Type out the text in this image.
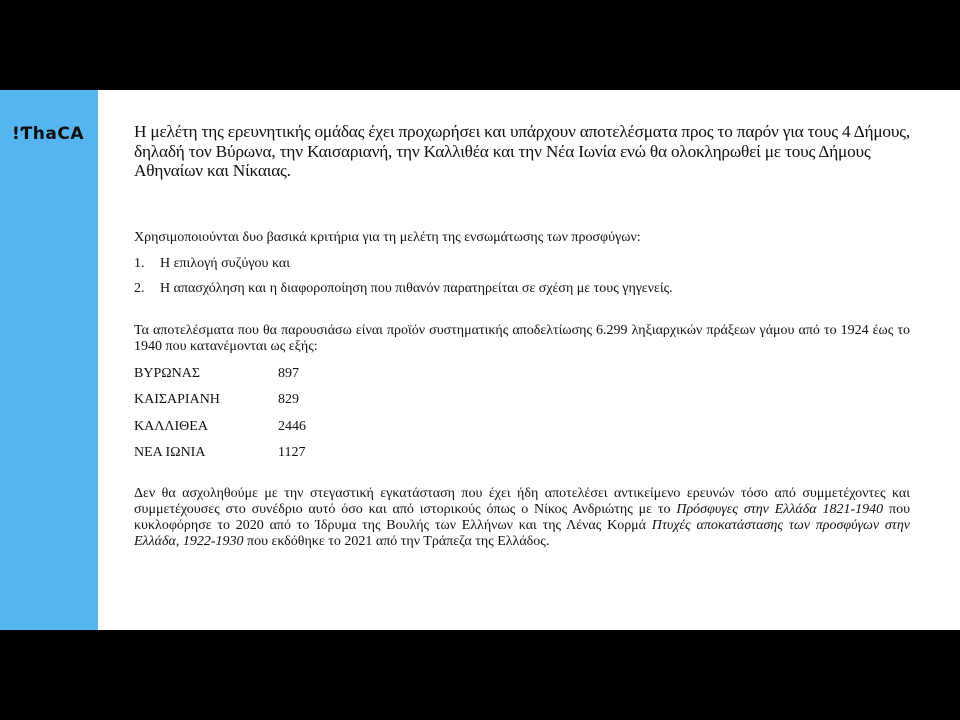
!ƬhaCA	Η μελέτη της ερευνητικής ομάδας έχει προχωρήσει και υπάρχουν αποτελέσματα προς το παρόν για τους 4 Δήμους, δηλαδή τον Βύρωνα, την Καισαριανή, την Καλλιθέα και την Νέα Ιωνία ενώ θα ολοκληρωθεί με τους Δήμους Αθηναίων και Νίκαιας.

Χρησιμοποιούνται δυο βασικά κριτήρια για τη μελέτη της ενσωμάτωσης των προσφύγων:

1.	Η επιλογή συζύγου και
2.	Η απασχόληση και η διαφοροποίηση που πιθανόν παρατηρείται σε σχέση με τους γηγενείς.

Τα αποτελέσματα που θα παρουσιάσω είναι προϊόν συστηματικής αποδελτίωσης 6.299 ληξιαρχικών πράξεων γάμου από το 1924 έως το 1940 που κατανέμονται ως εξής:

ΒΥΡΩΝΑΣ	897
ΚΑΙΣΑΡΙΑΝΗ	829
ΚΑΛΛΙΘΕΑ	2446
ΝΕΑ ΙΩΝΙΑ	1127

Δεν θα ασχοληθούμε με την στεγαστική εγκατάσταση που έχει ήδη αποτελέσει αντικείμενο ερευνών τόσο από συμμετέχοντες και συμμετέχουσες στο συνέδριο αυτό όσο και από ιστορικούς όπως ο Νίκος Ανδριώτης με το Πρόσφυγες στην Ελλάδα 1821-1940 που κυκλοφόρησε το 2020 από το Ίδρυμα της Βουλής των Ελλήνων και της Λένας Κορμά Πτυχές αποκατάστασης των προσφύγων στην Ελλάδα, 1922-1930 που εκδόθηκε το 2021 από την Τράπεζα της Ελλάδος.
